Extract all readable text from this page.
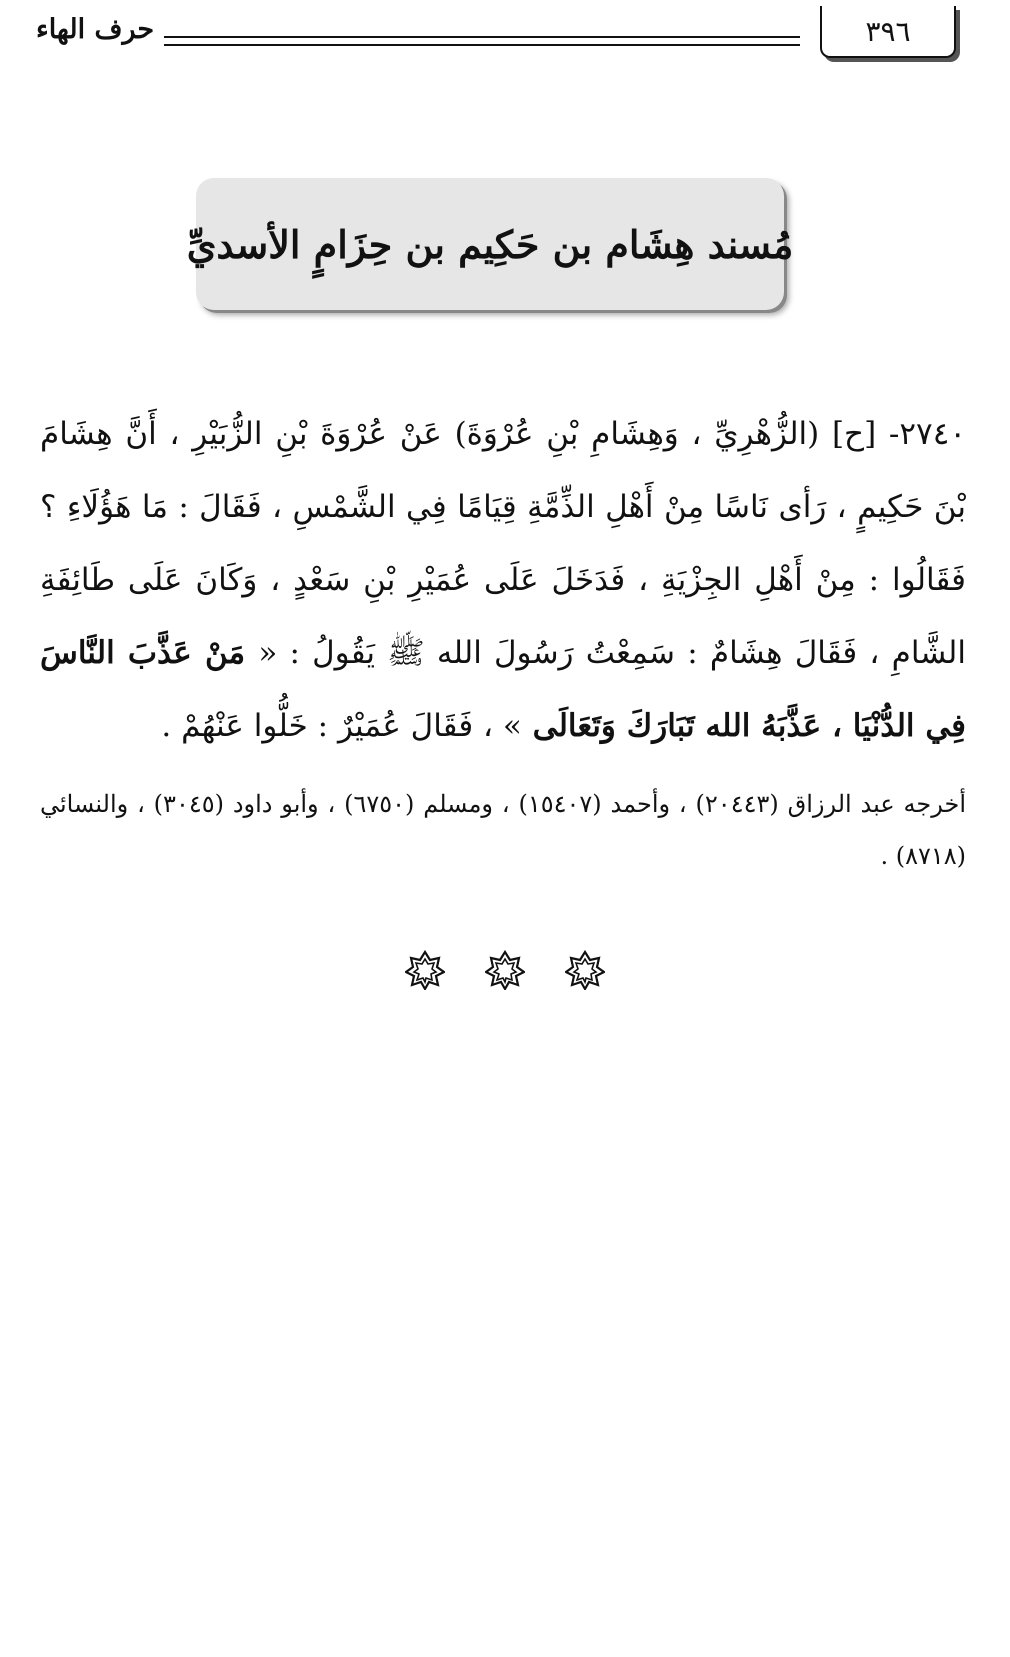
٣٩٦
حرف الهاء
مُسند هِشَام بن حَكِيم بن حِزَامٍ الأسديِّ
٢٧٤٠- [ح] (الزُّهْرِيِّ ، وَهِشَامِ بْنِ عُرْوَةَ) عَنْ عُرْوَةَ بْنِ الزُّبَيْرِ ، أَنَّ هِشَامَ بْنَ حَكِيمٍ ، رَأى نَاسًا مِنْ أَهْلِ الذِّمَّةِ قِيَامًا فِي الشَّمْسِ ، فَقَالَ : مَا هَؤُلَاءِ ؟ فَقَالُوا : مِنْ أَهْلِ الجِزْيَةِ ، فَدَخَلَ عَلَى عُمَيْرِ بْنِ سَعْدٍ ، وَكَانَ عَلَى طَائِفَةِ الشَّامِ ، فَقَالَ هِشَامٌ : سَمِعْتُ رَسُولَ الله ﷺ يَقُولُ : « مَنْ عَذَّبَ النَّاسَ فِي الدُّنْيَا ، عَذَّبَهُ الله تَبَارَكَ وَتَعَالَى » ، فَقَالَ عُمَيْرٌ : خَلُّوا عَنْهُمْ .
أخرجه عبد الرزاق (٢٠٤٤٣) ، وأحمد (١٥٤٠٧) ، ومسلم (٦٧٥٠) ، وأبو داود (٣٠٤٥) ، والنسائي (٨٧١٨) .
